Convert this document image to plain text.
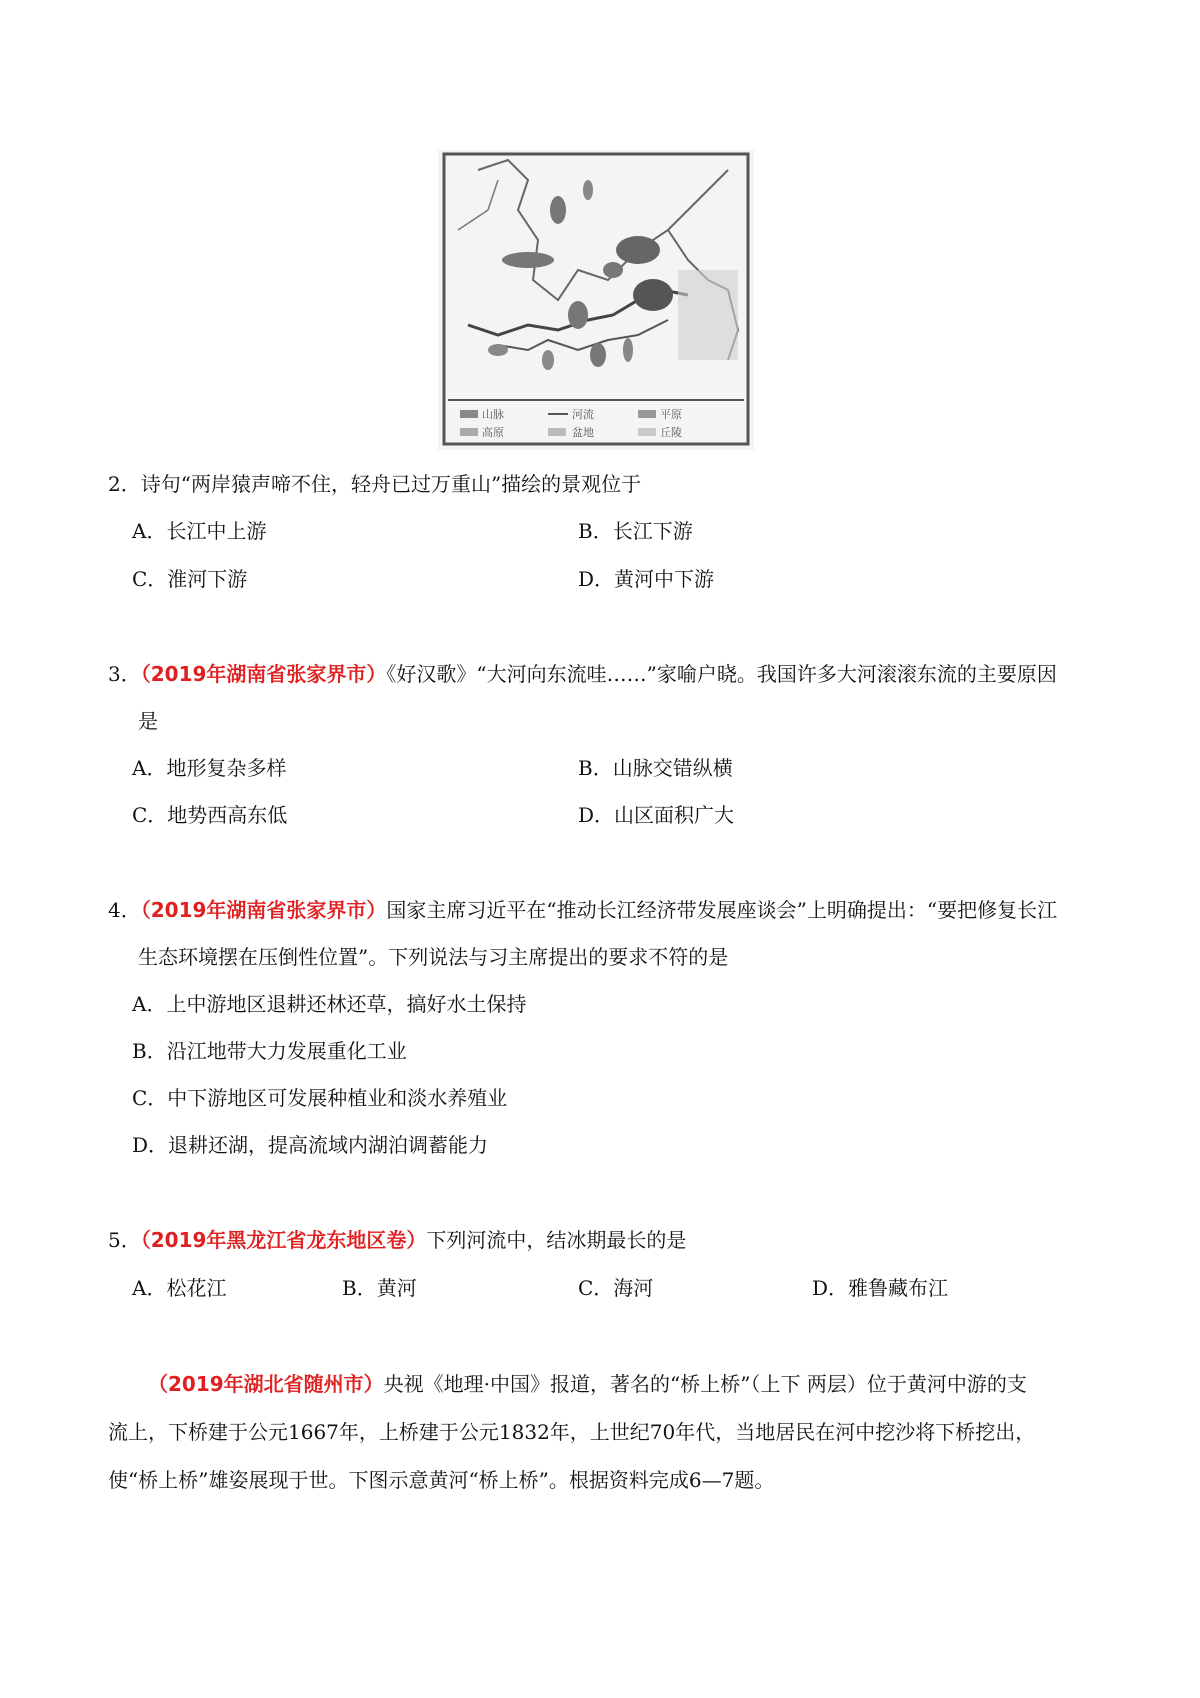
山脉	河流	平原
高原	盆地	丘陵
2．诗句“两岸猿声啼不住，轻舟已过万重山”描绘的景观位于
A．长江中上游	B．长江下游
C．淮河下游	D．黄河中下游
3．（2019年湖南省张家界市）《好汉歌》“大河向东流哇……”家喻户晓。我国许多大河滚滚东流的主要原因
是
A．地形复杂多样	B．山脉交错纵横
C．地势西高东低	D．山区面积广大
4．（2019年湖南省张家界市）国家主席习近平在“推动长江经济带发展座谈会”上明确提出：“要把修复长江
生态环境摆在压倒性位置”。下列说法与习主席提出的要求不符的是
A．上中游地区退耕还林还草，搞好水土保持
B．沿江地带大力发展重化工业
C．中下游地区可发展种植业和淡水养殖业
D．退耕还湖，提高流域内湖泊调蓄能力
5．（2019年黑龙江省龙东地区卷）下列河流中，结冰期最长的是
A．松花江	B．黄河	C．海河	D．雅鲁藏布江
（2019年湖北省随州市）央视《地理·中国》报道，著名的“桥上桥”（上下 两层）位于黄河中游的支
流上，下桥建于公元1667年，上桥建于公元1832年，上世纪70年代，当地居民在河中挖沙将下桥挖出，
使“桥上桥”雄姿展现于世。下图示意黄河“桥上桥”。根据资料完成6—7题。
